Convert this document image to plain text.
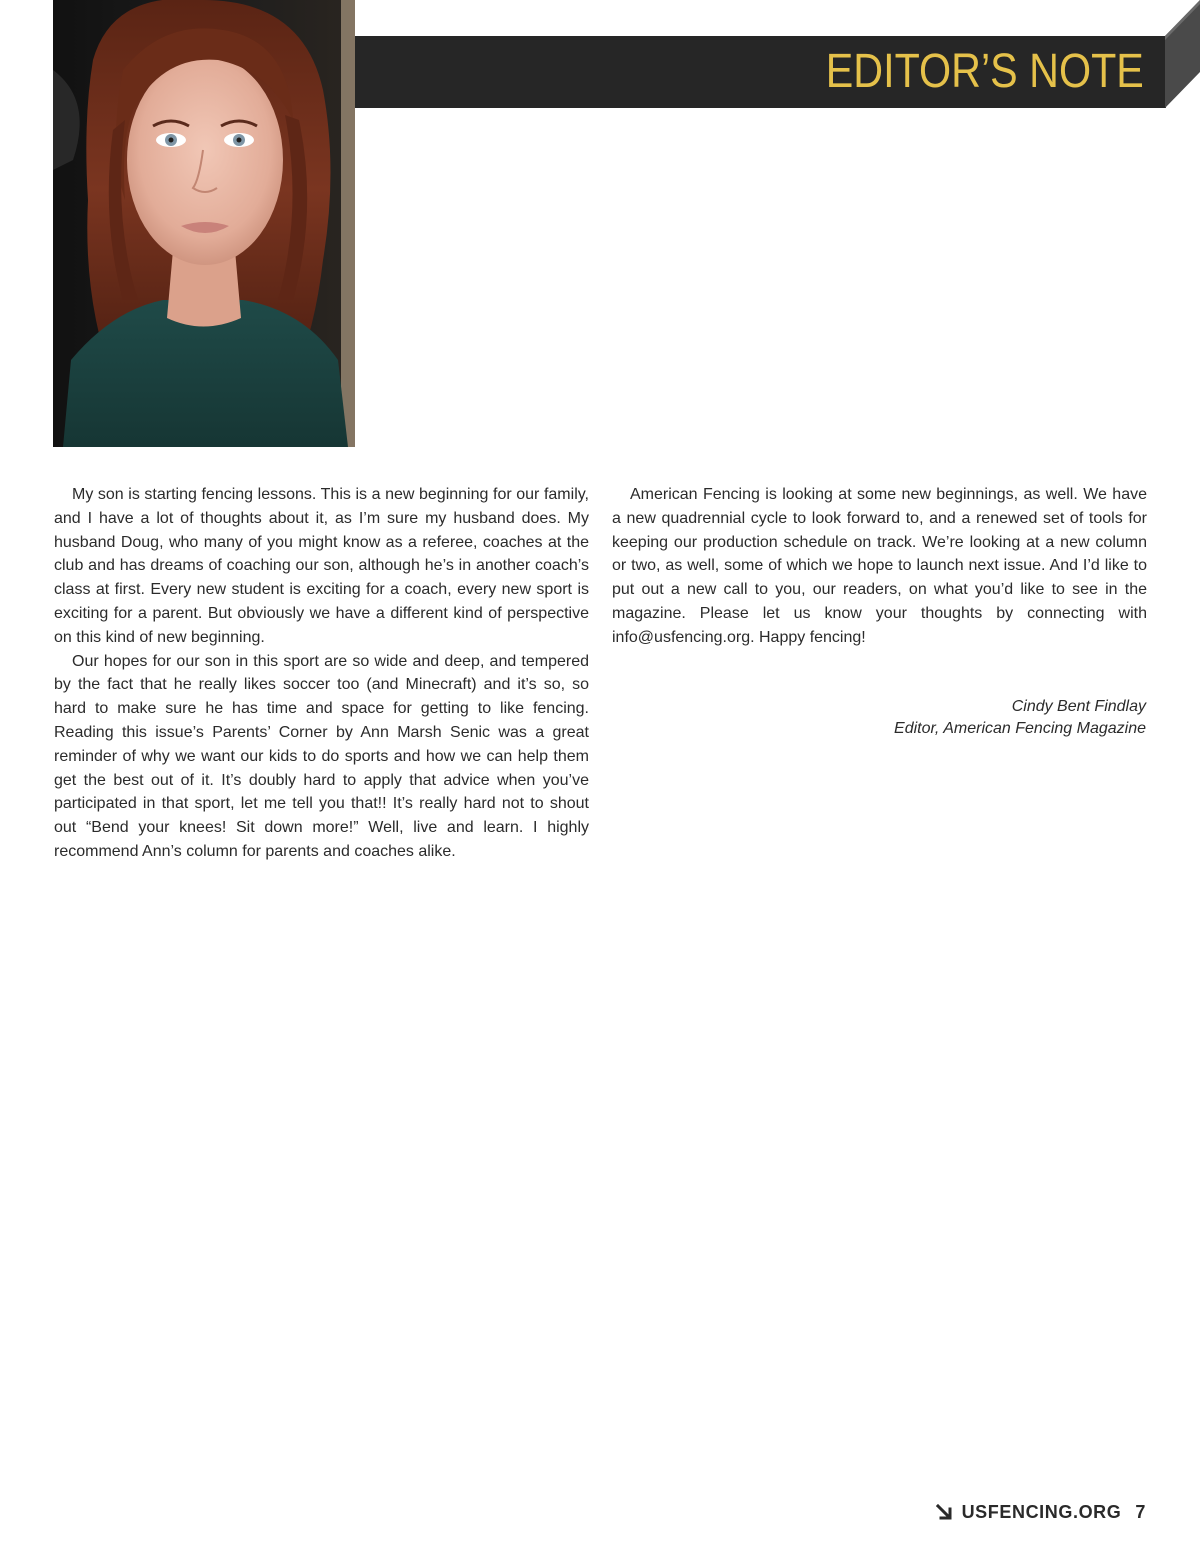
EDITOR’S NOTE

My son is starting fencing lessons. This is a new beginning for our family, and I have a lot of thoughts about it, as I’m sure my husband does. My husband Doug, who many of you might know as a referee, coaches at the club and has dreams of coaching our son, although he’s in another coach’s class at first. Every new student is exciting for a coach, every new sport is exciting for a parent. But obviously we have a different kind of perspective on this kind of new beginning.

Our hopes for our son in this sport are so wide and deep, and tempered by the fact that he really likes soccer too (and Minecraft) and it’s so, so hard to make sure he has time and space for getting to like fencing. Reading this issue’s Parents’ Corner by Ann Marsh Senic was a great reminder of why we want our kids to do sports and how we can help them get the best out of it. It’s doubly hard to apply that advice when you’ve participated in that sport, let me tell you that!! It’s really hard not to shout out “Bend your knees! Sit down more!” Well, live and learn. I highly recommend Ann’s column for parents and coaches alike.

American Fencing is looking at some new beginnings, as well. We have a new quadrennial cycle to look forward to, and a renewed set of tools for keeping our production schedule on track. We’re looking at a new column or two, as well, some of which we hope to launch next issue. And I’d like to put out a new call to you, our readers, on what you’d like to see in the magazine. Please let us know your thoughts by connecting with info@usfencing.org. Happy fencing!

Cindy Bent Findlay
Editor, American Fencing Magazine
USFENCING.ORG 7
